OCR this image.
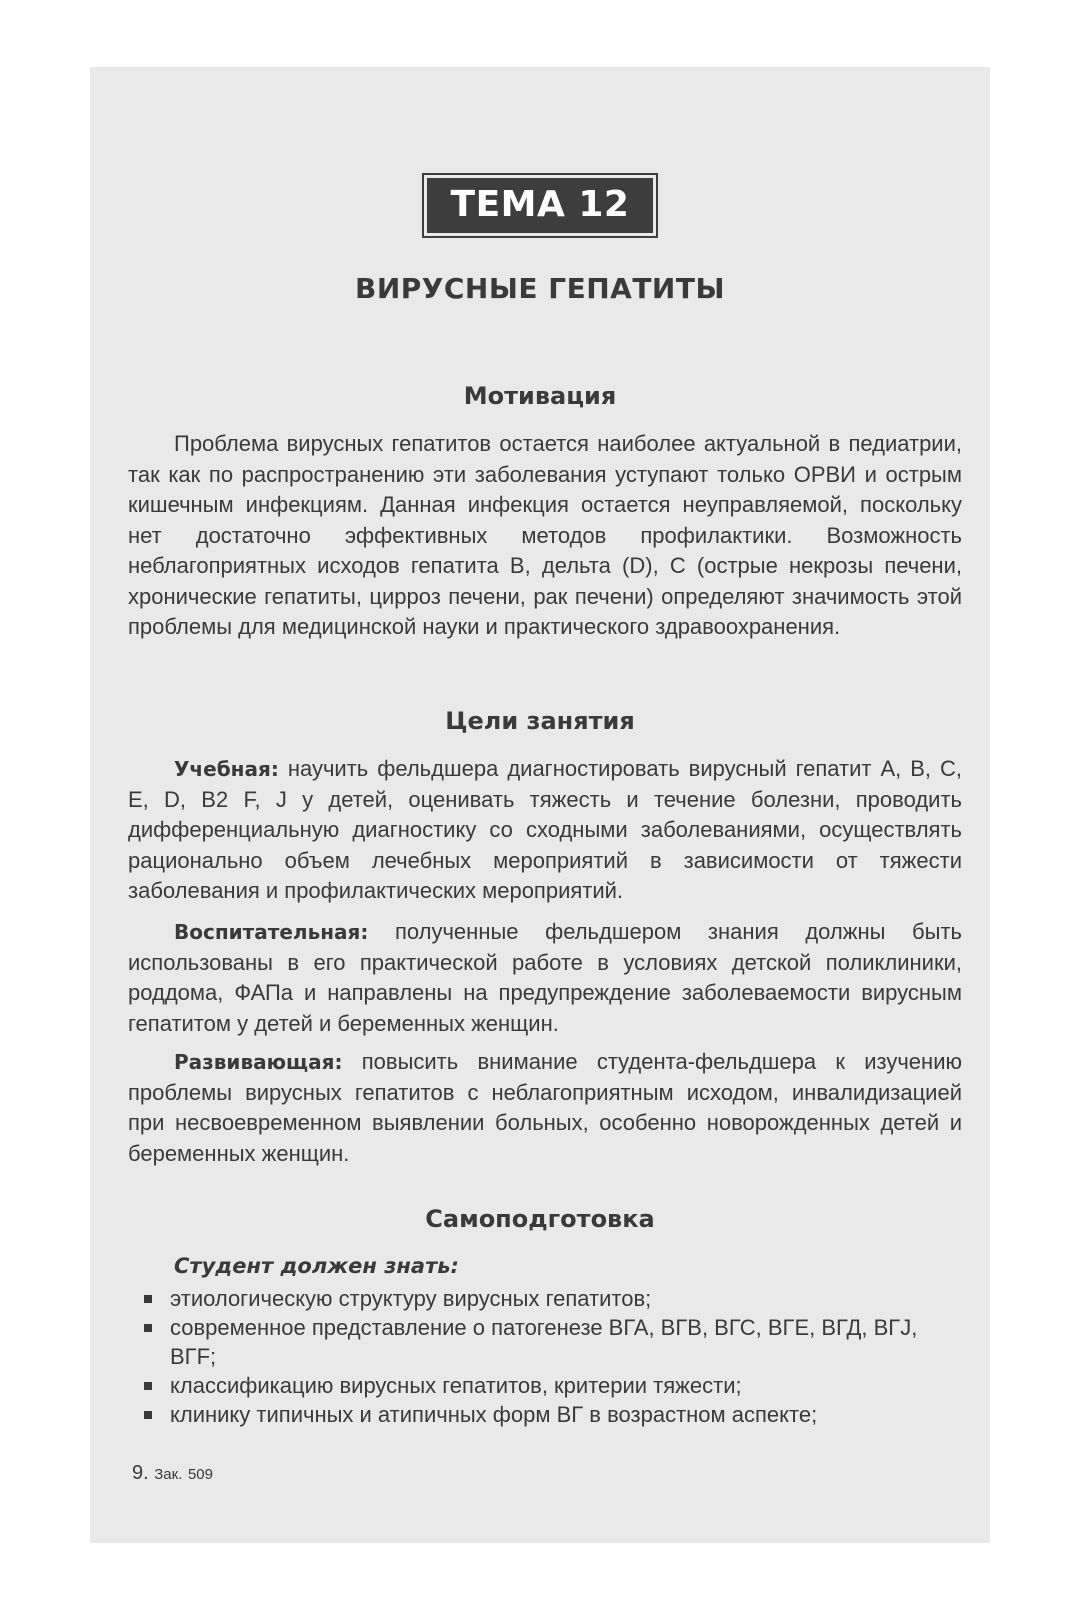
ТЕМА 12
ВИРУСНЫЕ ГЕПАТИТЫ
Мотивация
Проблема вирусных гепатитов остается наиболее актуальной в педиатрии, так как по распространению эти заболевания уступают только ОРВИ и острым кишечным инфекциям. Данная инфекция остается неуправляемой, поскольку нет достаточно эффективных методов профилактики. Возможность неблагоприятных исходов гепатита В, дельта (D), С (острые некрозы печени, хронические гепатиты, цирроз печени, рак печени) определяют значимость этой проблемы для медицинской науки и практического здравоохранения.
Цели занятия
Учебная: научить фельдшера диагностировать вирусный гепатит А, В, С, Е, D, В2 F, J у детей, оценивать тяжесть и течение болезни, проводить дифференциальную диагностику со сходными заболеваниями, осуществлять рационально объем лечебных мероприятий в зависимости от тяжести заболевания и профилактических мероприятий.
Воспитательная: полученные фельдшером знания должны быть использованы в его практической работе в условиях детской поликлиники, роддома, ФАПа и направлены на предупреждение заболеваемости вирусным гепатитом у детей и беременных женщин.
Развивающая: повысить внимание студента-фельдшера к изучению проблемы вирусных гепатитов с неблагоприятным исходом, инвалидизацией при несвоевременном выявлении больных, особенно новорожденных детей и беременных женщин.
Самоподготовка
Студент должен знать:
этиологическую структуру вирусных гепатитов;
современное представление о патогенезе ВГА, ВГВ, ВГС, ВГЕ, ВГД, ВГJ, ВГF;
классификацию вирусных гепатитов, критерии тяжести;
клинику типичных и атипичных форм ВГ в возрастном аспекте;
9. Зак. 509
